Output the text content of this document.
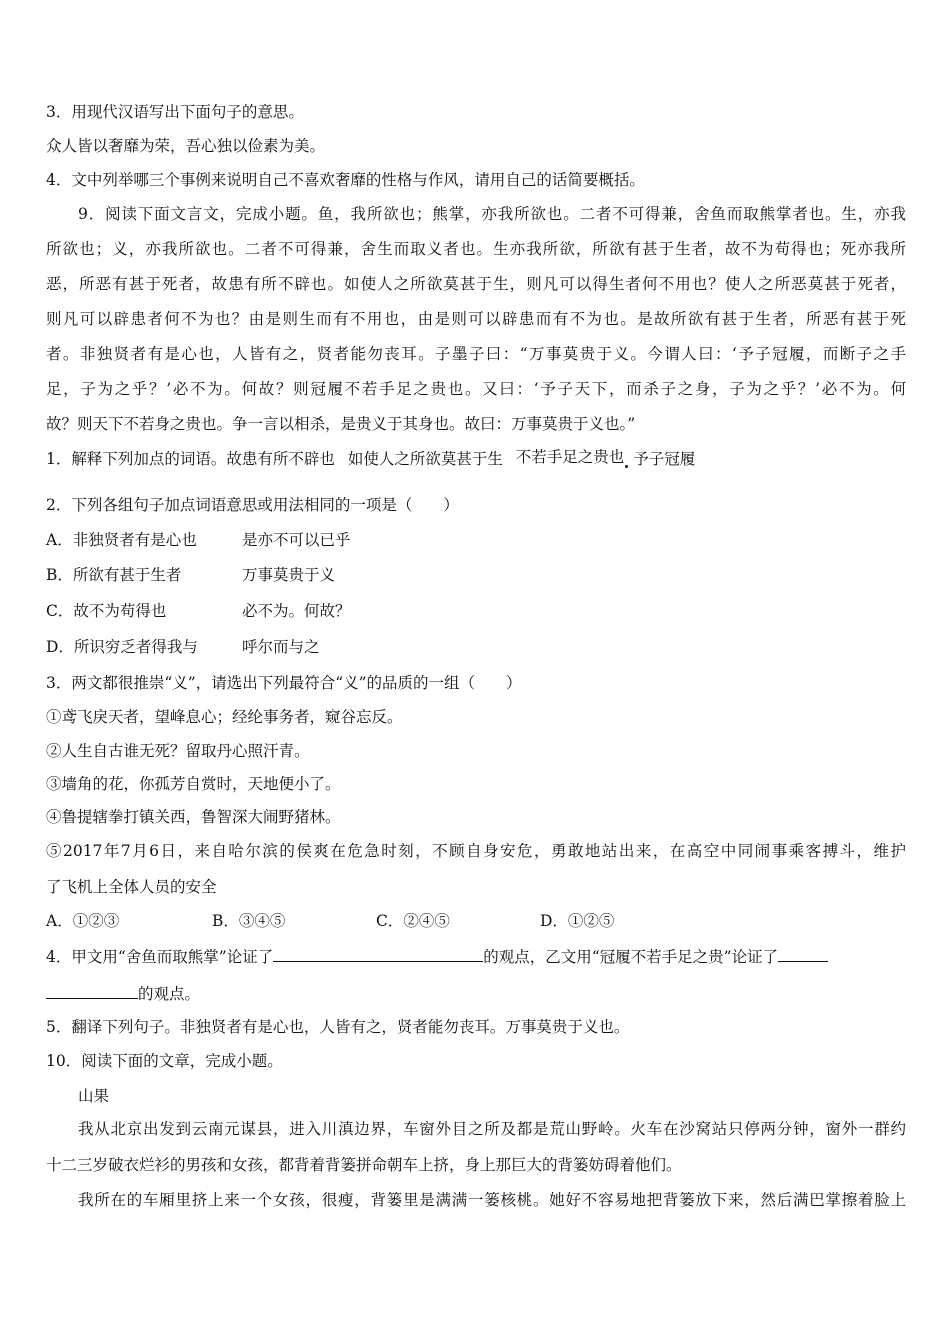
3．用现代汉语写出下面句子的意思。
众人皆以奢靡为荣，吾心独以俭素为美。
4．文中列举哪三个事例来说明自己不喜欢奢靡的性格与作风，请用自己的话简要概括。
9．阅读下面文言文，完成小题。鱼，我所欲也；熊掌，亦我所欲也。二者不可得兼，舍鱼而取熊掌者也。生，亦我
所欲也；义，亦我所欲也。二者不可得兼，舍生而取义者也。生亦我所欲，所欲有甚于生者，故不为苟得也；死亦我所
恶，所恶有甚于死者，故患有所不辟也。如使人之所欲莫甚于生，则凡可以得生者何不用也？使人之所恶莫甚于死者，
则凡可以辟患者何不为也？由是则生而有不用也，由是则可以辟患而有不为也。是故所欲有甚于生者，所恶有甚于死
者。非独贤者有是心也，人皆有之，贤者能勿丧耳。子墨子曰：“万事莫贵于义。今谓人曰：‘予子冠履，而断子之手
足，子为之乎？’必不为。何故？则冠履不若手足之贵也。又曰：‘予子天下，而杀子之身，子为之乎？’必不为。何
故？则天下不若身之贵也。争一言以相杀，是贵义于其身也。故曰：万事莫贵于义也。”
1．解释下列加点的词语。故患有所不辟也 如使人之所欲莫甚于生 不若手足之贵也 予子冠履
2．下列各组句子加点词语意思或用法相同的一项是（　　）
A．非独贤者有是心也	是亦不可以已乎
B．所欲有甚于生者	万事莫贵于义
C．故不为苟得也	必不为。何故？
D．所识穷乏者得我与	呼尔而与之
3．两文都很推崇“义”，请选出下列最符合“义”的品质的一组（　　）
①鸢飞戾天者，望峰息心；经纶事务者，窥谷忘反。
②人生自古谁无死？留取丹心照汗青。
③墙角的花，你孤芳自赏时，天地便小了。
④鲁提辖拳打镇关西，鲁智深大闹野猪林。
⑤2017年7月6日，来自哈尔滨的侯爽在危急时刻，不顾自身安危，勇敢地站出来，在高空中同闹事乘客搏斗，维护
了飞机上全体人员的安全
A．①②③	B．③④⑤	C．②④⑤	D．①②⑤
4．甲文用“舍鱼而取熊掌”论证了	的观点，乙文用“冠履不若手足之贵”论证了
的观点。
5．翻译下列句子。非独贤者有是心也，人皆有之，贤者能勿丧耳。万事莫贵于义也。
10．阅读下面的文章，完成小题。
山果
我从北京出发到云南元谋县，进入川滇边界，车窗外目之所及都是荒山野岭。火车在沙窝站只停两分钟，窗外一群约
十二三岁破衣烂衫的男孩和女孩，都背着背篓拼命朝车上挤，身上那巨大的背篓妨碍着他们。
我所在的车厢里挤上来一个女孩，很瘦，背篓里是满满一篓核桃。她好不容易地把背篓放下来，然后满巴掌擦着脸上
